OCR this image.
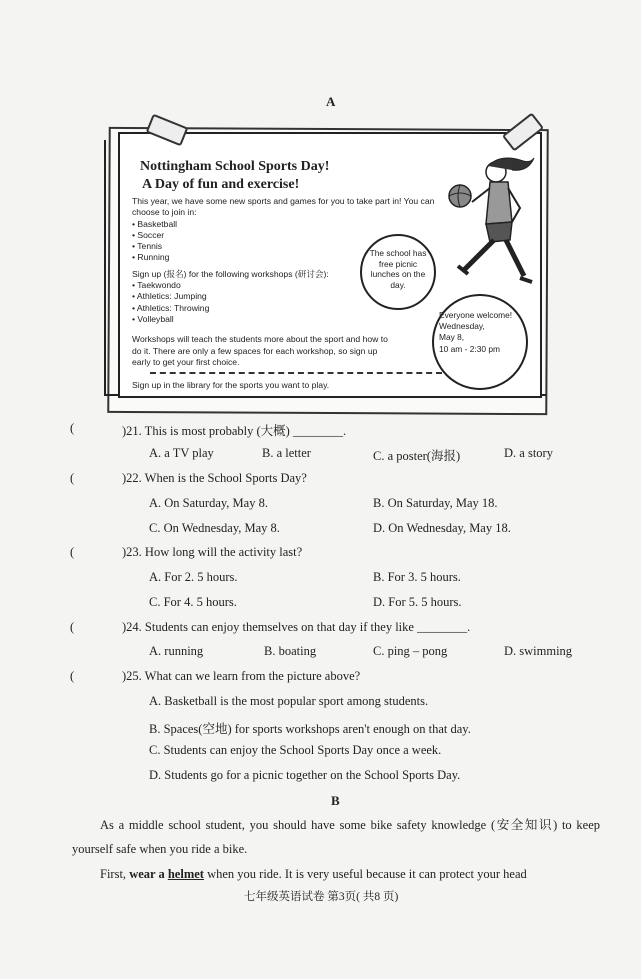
A
Nottingham School Sports Day!
A Day of fun and exercise!
This year, we have some new sports and games for you to take part in! You can choose to join in:
• Basketball
• Soccer
• Tennis
• Running
Sign up (报名) for the following workshops (研讨会):
• Taekwondo
• Athletics: Jumping
• Athletics: Throwing
• Volleyball
Workshops will teach the students more about the sport and how to do it. There are only a few spaces for each workshop, so sign up early to get your first choice.
Sign up in the library for the sports you want to play.
The school has free picnic lunches on the day.
Everyone welcome!
Wednesday,
May 8,
10 am - 2:30 pm
(	)21. This is most probably (大概) ________.
A. a TV play	B. a letter	C. a poster(海报)	D. a story
(	)22. When is the School Sports Day?
A. On Saturday, May 8.	B. On Saturday, May 18.
C. On Wednesday, May 8.	D. On Wednesday, May 18.
(	)23. How long will the activity last?
A. For 2. 5 hours.	B. For 3. 5 hours.
C. For 4. 5 hours.	D. For 5. 5 hours.
(	)24. Students can enjoy themselves on that day if they like ________.
A. running	B. boating	C. ping – pong	D. swimming
(	)25. What can we learn from the picture above?
A. Basketball is the most popular sport among students.
B. Spaces(空地) for sports workshops aren't enough on that day.
C. Students can enjoy the School Sports Day once a week.
D. Students go for a picnic together on the School Sports Day.
B
As a middle school student, you should have some bike safety knowledge (安全知识) to keep yourself safe when you ride a bike.
First, wear a helmet when you ride. It is very useful because it can protect your head
七年级英语试卷 第3页( 共8 页)
